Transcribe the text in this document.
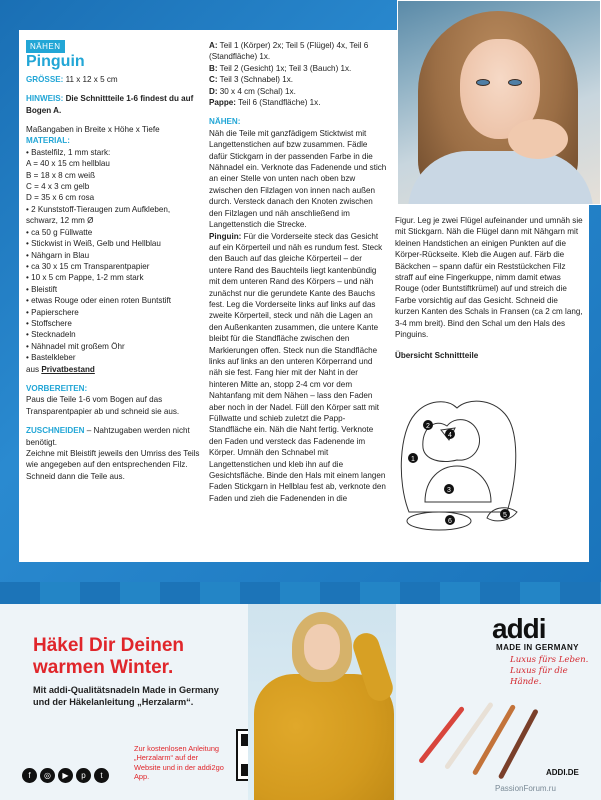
NÄHEN
Pinguin
GRÖSSE: 11 x 12 x 5 cm
HINWEIS: Die Schnittteile 1-6 findest du auf Bogen A.
Maßangaben in Breite x Höhe x Tiefe
MATERIAL:
• Bastelfilz, 1 mm stark:
A = 40 x 15 cm hellblau
B = 18 x 8 cm weiß
C = 4 x 3 cm gelb
D = 35 x 6 cm rosa
• 2 Kunststoff-Tieraugen zum Aufkleben, schwarz, 12 mm Ø
• ca 50 g Füllwatte
• Stickwist in Weiß, Gelb und Hellblau
• Nähgarn in Blau
• ca 30 x 15 cm Transparentpapier
• 10 x 5 cm Pappe, 1-2 mm stark
• Bleistift
• etwas Rouge oder einen roten Buntstift
• Papierschere
• Stoffschere
• Stecknadeln
• Nähnadel mit großem Öhr
• Bastelkleber
aus Privatbestand
VORBEREITEN:
Paus die Teile 1-6 vom Bogen auf das Transparentpapier ab und schneid sie aus.
ZUSCHNEIDEN – Nahtzugaben werden nicht benötigt.
Zeichne mit Bleistift jeweils den Umriss des Teils wie angegeben auf den entsprechenden Filz. Schneid dann die Teile aus.
A: Teil 1 (Körper) 2x; Teil 5 (Flügel) 4x, Teil 6 (Standfläche) 1x.
B: Teil 2 (Gesicht) 1x; Teil 3 (Bauch) 1x.
C: Teil 3 (Schnabel) 1x.
D: 30 x 4 cm (Schal) 1x.
Pappe: Teil 6 (Standfläche) 1x.
NÄHEN:
Näh die Teile mit ganzfädigem Sticktwist mit Langettenstichen auf bzw zusammen. Fädle dafür Stickgarn in der passenden Farbe in die Nähnadel ein. Verknote das Fadenende und stich an einer Stelle von unten nach oben bzw zwischen den Filzlagen von innen nach außen durch. Versteck danach den Knoten zwischen den Filzlagen und näh anschließend im Langettenstich die Strecke.
Pinguin: Für die Vorderseite steck das Gesicht auf ein Körperteil und näh es rundum fest. Steck den Bauch auf das gleiche Körperteil – der untere Rand des Bauchteils liegt kantenbündig mit dem unteren Rand des Körpers – und näh zunächst nur die gerundete Kante des Bauchs fest. Leg die Vorderseite links auf links auf das zweite Körperteil, steck und näh die Lagen an den Außenkanten zusammen, die untere Kante bleibt für die Standfläche zwischen den Markierungen offen. Steck nun die Standfläche links auf links an den unteren Körperrand und näh sie fest. Fang hier mit der Naht in der hinteren Mitte an, stopp 2-4 cm vor dem Nahtanfang mit dem Nähen – lass den Faden aber noch in der Nadel. Füll den Körper satt mit Füllwatte und schieb zuletzt die Papp-Standfläche ein. Näh die Naht fertig. Verknote den Faden und versteck das Fadenende im Körper. Umnäh den Schnabel mit Langettenstichen und kleb ihn auf die Gesichtsfläche. Binde den Hals mit einem langen Faden Stickgarn in Hellblau fest ab, verknote den Faden und zieh die Fadenenden in die
Figur. Leg je zwei Flügel aufeinander und umnäh sie mit Stickgarn. Näh die Flügel dann mit Nähgarn mit kleinen Handstichen an einigen Punkten auf die Körper-Rückseite. Kleb die Augen auf. Färb die Bäckchen – spann dafür ein Reststückchen Filz straff auf eine Fingerkuppe, nimm damit etwas Rouge (oder Buntstiftkrümel) auf und streich die Farbe vorsichtig auf das Gesicht. Schneid die kurzen Kanten des Schals in Fransen (ca 2 cm lang, 3-4 mm breit). Bind den Schal um den Hals des Pinguins.
Übersicht Schnittteile
1
2
3
4
5
6
Häkel Dir Deinen warmen Winter.
Mit addi-Qualitätsnadeln Made in Germany und der Häkelanleitung „Herzalarm“.
Zur kostenlosen Anleitung „Herzalarm“ auf der Website und in der addi2go App.
f	◎	▶	p	t
addi
MADE IN GERMANY
Luxus fürs Leben.
Luxus für die Hände.
ADDI.DE
PassionForum.ru
